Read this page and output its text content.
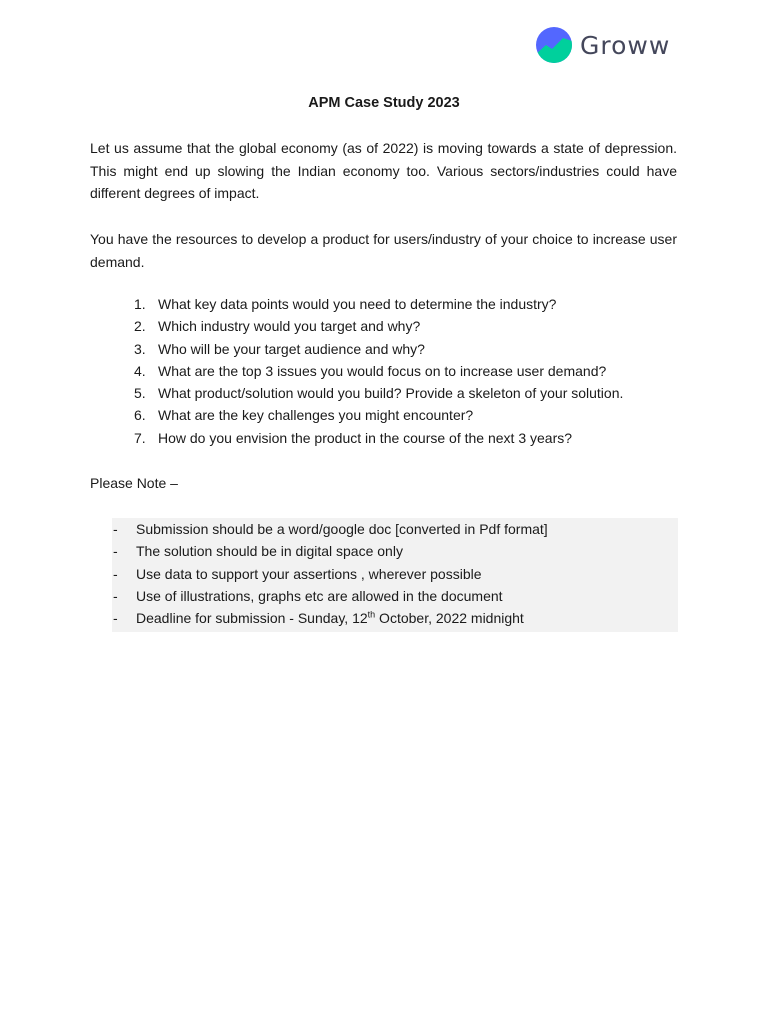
Groww
APM Case Study 2023

Let us assume that the global economy (as of 2022) is moving towards a state of depression. This might end up slowing the Indian economy too. Various sectors/industries could have different degrees of impact.

You have the resources to develop a product for users/industry of your choice to increase user demand.

1. What key data points would you need to determine the industry?
2. Which industry would you target and why?
3. Who will be your target audience and why?
4. What are the top 3 issues you would focus on to increase user demand?
5. What product/solution would you build? Provide a skeleton of your solution.
6. What are the key challenges you might encounter?
7. How do you envision the product in the course of the next 3 years?

Please Note –

-	Submission should be a word/google doc [converted in Pdf format]
-	The solution should be in digital space only
-	Use data to support your assertions , wherever possible
-	Use of illustrations, graphs etc are allowed in the document
-	Deadline for submission - Sunday, 12th October, 2022 midnight
